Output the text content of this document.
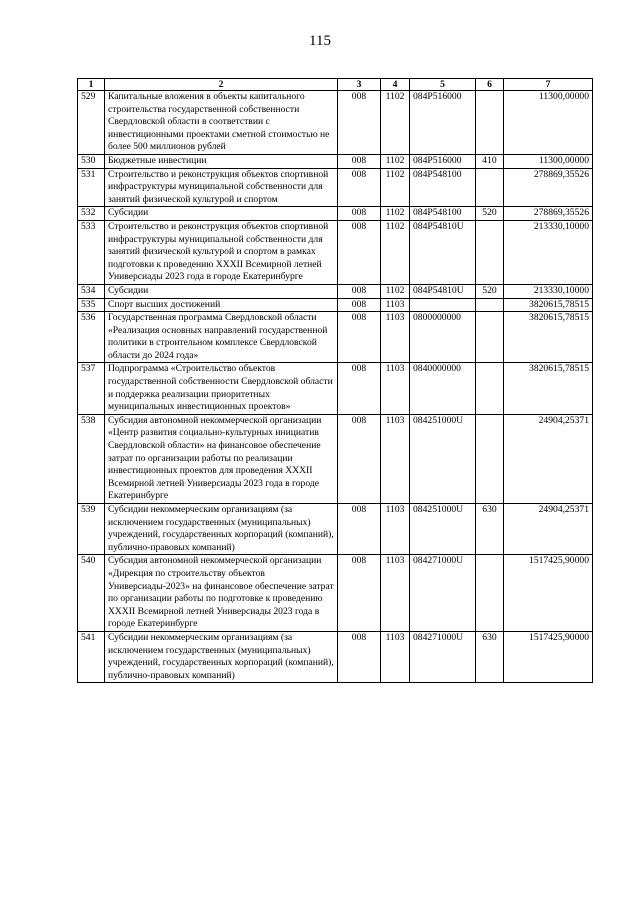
115
1	2	3	4	5	6	7
529	Капитальные вложения в объекты капитального строительства государственной собственности Свердловской области в соответствии с инвестиционными проектами сметной стоимостью не более 500 миллионов рублей	008	1102	084P516000		11300,00000
530	Бюджетные инвестиции	008	1102	084P516000	410	11300,00000
531	Строительство и реконструкция объектов спортивной инфраструктуры муниципальной собственности для занятий физической культурой и спортом	008	1102	084P548100		278869,35526
532	Субсидии	008	1102	084P548100	520	278869,35526
533	Строительство и реконструкция объектов спортивной инфраструктуры муниципальной собственности для занятий физической культурой и спортом в рамках подготовки к проведению XXXII Всемирной летней Универсиады 2023 года в городе Екатеринбурге	008	1102	084P54810U		213330,10000
534	Субсидии	008	1102	084P54810U	520	213330,10000
535	Спорт высших достижений	008	1103			3820615,78515
536	Государственная программа Свердловской области «Реализация основных направлений государственной политики в строительном комплексе Свердловской области до 2024 года»	008	1103	0800000000		3820615,78515
537	Подпрограмма «Строительство объектов государственной собственности Свердловской области и поддержка реализации приоритетных муниципальных инвестиционных проектов»	008	1103	0840000000		3820615,78515
538	Субсидия автономной некоммерческой организации «Центр развития социально-культурных инициатив Свердловской области» на финансовое обеспечение затрат по организации работы по реализации инвестиционных проектов для проведения XXXII Всемирной летней Универсиады 2023 года в городе Екатеринбурге	008	1103	084251000U		24904,25371
539	Субсидии некоммерческим организациям (за исключением государственных (муниципальных) учреждений, государственных корпораций (компаний), публично-правовых компаний)	008	1103	084251000U	630	24904,25371
540	Субсидия автономной некоммерческой организации «Дирекция по строительству объектов Универсиады-2023» на финансовое обеспечение затрат по организации работы по подготовке к проведению XXXII Всемирной летней Универсиады 2023 года в городе Екатеринбурге	008	1103	084271000U		1517425,90000
541	Субсидии некоммерческим организациям (за исключением государственных (муниципальных) учреждений, государственных корпораций (компаний), публично-правовых компаний)	008	1103	084271000U	630	1517425,90000
